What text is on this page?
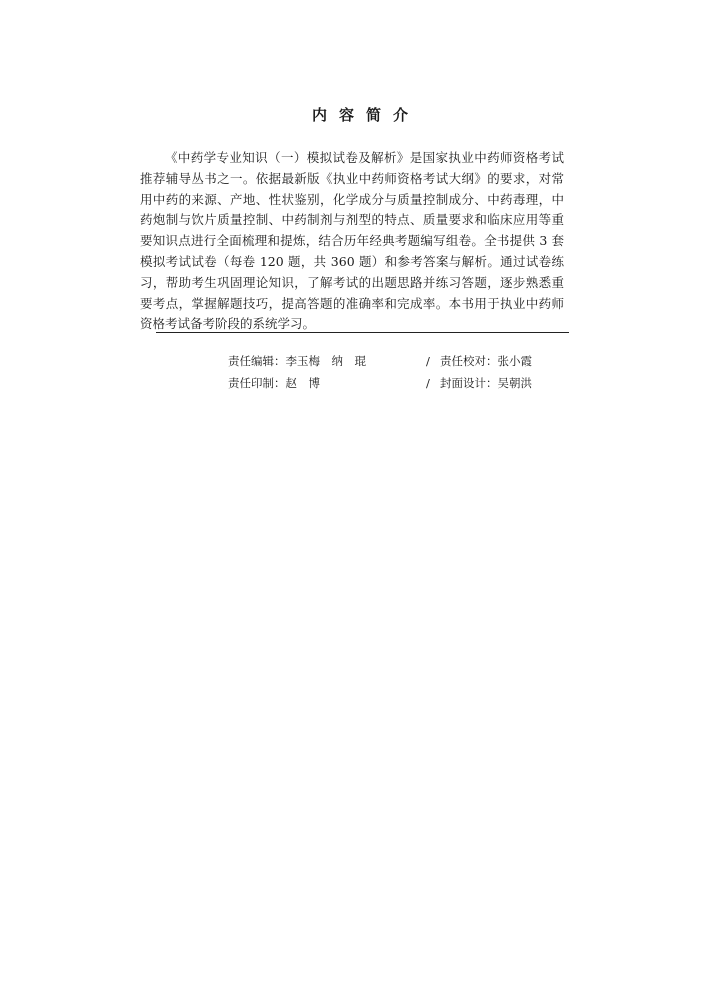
内容简介

《中药学专业知识（一）模拟试卷及解析》是国家执业中药师资格考试推荐辅导丛书之一。依据最新版《执业中药师资格考试大纲》的要求，对常用中药的来源、产地、性状鉴别，化学成分与质量控制成分、中药毒理，中药炮制与饮片质量控制、中药制剂与剂型的特点、质量要求和临床应用等重要知识点进行全面梳理和提炼，结合历年经典考题编写组卷。全书提供 3 套模拟考试试卷（每卷 120 题，共 360 题）和参考答案与解析。通过试卷练习，帮助考生巩固理论知识，了解考试的出题思路并练习答题，逐步熟悉重要考点，掌握解题技巧，提高答题的准确率和完成率。本书用于执业中药师资格考试备考阶段的系统学习。

责任编辑：李玉梅　纳　琨	/ 责任校对：张小霞
责任印制：赵　博	/ 封面设计：吴朝洪
